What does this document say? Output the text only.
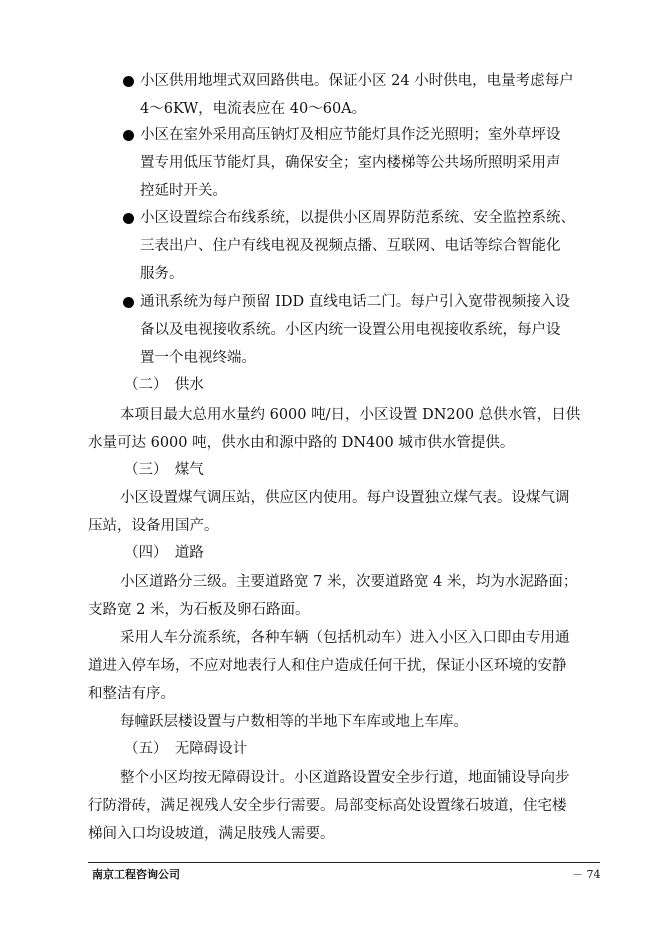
小区供用地埋式双回路供电。保证小区 24 小时供电，电量考虑每户
4～6KW，电流表应在 40～60A。
小区在室外采用高压钠灯及相应节能灯具作泛光照明；室外草坪设
置专用低压节能灯具，确保安全；室内楼梯等公共场所照明采用声
控延时开关。
小区设置综合布线系统，以提供小区周界防范系统、安全监控系统、
三表出户、住户有线电视及视频点播、互联网、电话等综合智能化
服务。
通讯系统为每户预留 IDD 直线电话二门。每户引入宽带视频接入设
备以及电视接收系统。小区内统一设置公用电视接收系统，每户设
置一个电视终端。
（二）　供水
本项目最大总用水量约 6000 吨/日，小区设置 DN200 总供水管，日供
水量可达 6000 吨，供水由和源中路的 DN400 城市供水管提供。
（三）　煤气
小区设置煤气调压站，供应区内使用。每户设置独立煤气表。设煤气调
压站，设备用国产。
（四）　道路
小区道路分三级。主要道路宽 7 米，次要道路宽 4 米，均为水泥路面；
支路宽 2 米，为石板及卵石路面。
采用人车分流系统，各种车辆（包括机动车）进入小区入口即由专用通
道进入停车场，不应对地表行人和住户造成任何干扰，保证小区环境的安静
和整洁有序。
每幢跃层楼设置与户数相等的半地下车库或地上车库。
（五）　无障碍设计
整个小区均按无障碍设计。小区道路设置安全步行道，地面铺设导向步
行防滑砖，满足视残人安全步行需要。局部变标高处设置缘石坡道，住宅楼
梯间入口均设坡道，满足肢残人需要。
南京工程咨询公司	－ 74
